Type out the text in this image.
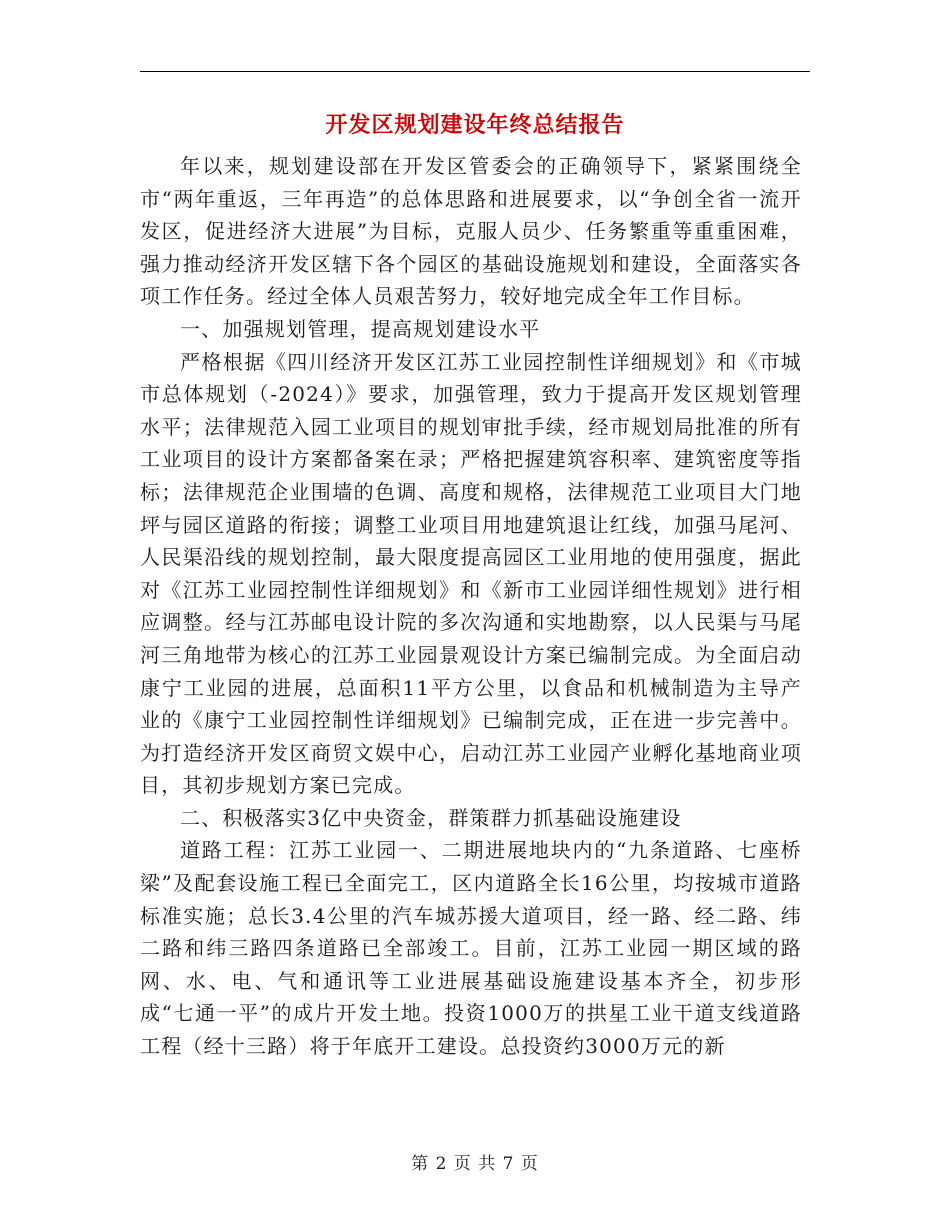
开发区规划建设年终总结报告

年以来，规划建设部在开发区管委会的正确领导下，紧紧围绕全市“两年重返，三年再造”的总体思路和进展要求，以“争创全省一流开发区，促进经济大进展”为目标，克服人员少、任务繁重等重重困难，强力推动经济开发区辖下各个园区的基础设施规划和建设，全面落实各项工作任务。经过全体人员艰苦努力，较好地完成全年工作目标。

一、加强规划管理，提高规划建设水平

严格根据《四川经济开发区江苏工业园控制性详细规划》和《市城市总体规划（-2024）》要求，加强管理，致力于提高开发区规划管理水平；法律规范入园工业项目的规划审批手续，经市规划局批准的所有工业项目的设计方案都备案在录；严格把握建筑容积率、建筑密度等指标；法律规范企业围墙的色调、高度和规格，法律规范工业项目大门地坪与园区道路的衔接；调整工业项目用地建筑退让红线，加强马尾河、人民渠沿线的规划控制，最大限度提高园区工业用地的使用强度，据此对《江苏工业园控制性详细规划》和《新市工业园详细性规划》进行相应调整。经与江苏邮电设计院的多次沟通和实地勘察，以人民渠与马尾河三角地带为核心的江苏工业园景观设计方案已编制完成。为全面启动康宁工业园的进展，总面积11平方公里，以食品和机械制造为主导产业的《康宁工业园控制性详细规划》已编制完成，正在进一步完善中。为打造经济开发区商贸文娱中心，启动江苏工业园产业孵化基地商业项目，其初步规划方案已完成。

二、积极落实3亿中央资金，群策群力抓基础设施建设

道路工程：江苏工业园一、二期进展地块内的“九条道路、七座桥梁”及配套设施工程已全面完工，区内道路全长16公里，均按城市道路标准实施；总长3.4公里的汽车城苏援大道项目，经一路、经二路、纬二路和纬三路四条道路已全部竣工。目前，江苏工业园一期区域的路网、水、电、气和通讯等工业进展基础设施建设基本齐全，初步形成“七通一平”的成片开发土地。投资1000万的拱星工业干道支线道路工程（经十三路）将于年底开工建设。总投资约3000万元的新

第 2 页 共 7 页
